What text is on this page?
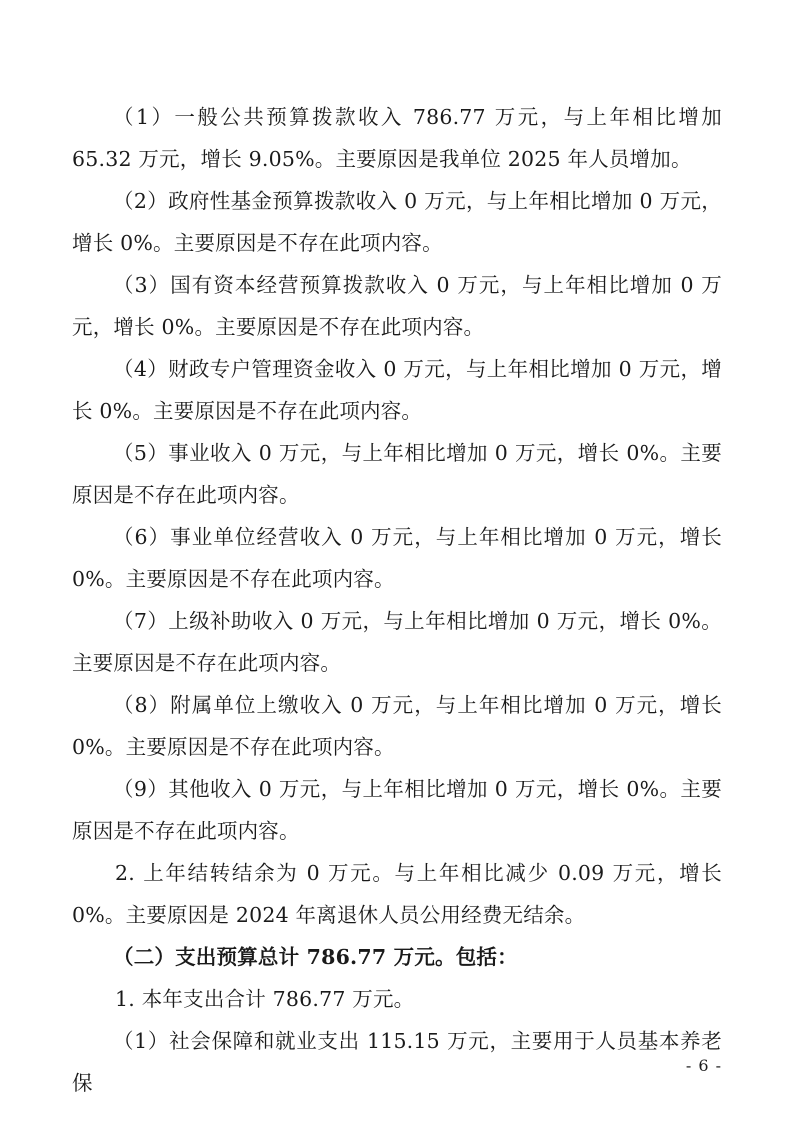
（1）一般公共预算拨款收入 786.77 万元，与上年相比增加 65.32 万元，增长 9.05%。主要原因是我单位 2025 年人员增加。

（2）政府性基金预算拨款收入 0 万元，与上年相比增加 0 万元，增长 0%。主要原因是不存在此项内容。

（3）国有资本经营预算拨款收入 0 万元，与上年相比增加 0 万元，增长 0%。主要原因是不存在此项内容。

（4）财政专户管理资金收入 0 万元，与上年相比增加 0 万元，增长 0%。主要原因是不存在此项内容。

（5）事业收入 0 万元，与上年相比增加 0 万元，增长 0%。主要原因是不存在此项内容。

（6）事业单位经营收入 0 万元，与上年相比增加 0 万元，增长 0%。主要原因是不存在此项内容。

（7）上级补助收入 0 万元，与上年相比增加 0 万元，增长 0%。主要原因是不存在此项内容。

（8）附属单位上缴收入 0 万元，与上年相比增加 0 万元，增长 0%。主要原因是不存在此项内容。

（9）其他收入 0 万元，与上年相比增加 0 万元，增长 0%。主要原因是不存在此项内容。

2. 上年结转结余为 0 万元。与上年相比减少 0.09 万元，增长 0%。主要原因是 2024 年离退休人员公用经费无结余。

（二）支出预算总计 786.77 万元。包括：

1. 本年支出合计 786.77 万元。

（1）社会保障和就业支出 115.15 万元，主要用于人员基本养老保

- 6 -
